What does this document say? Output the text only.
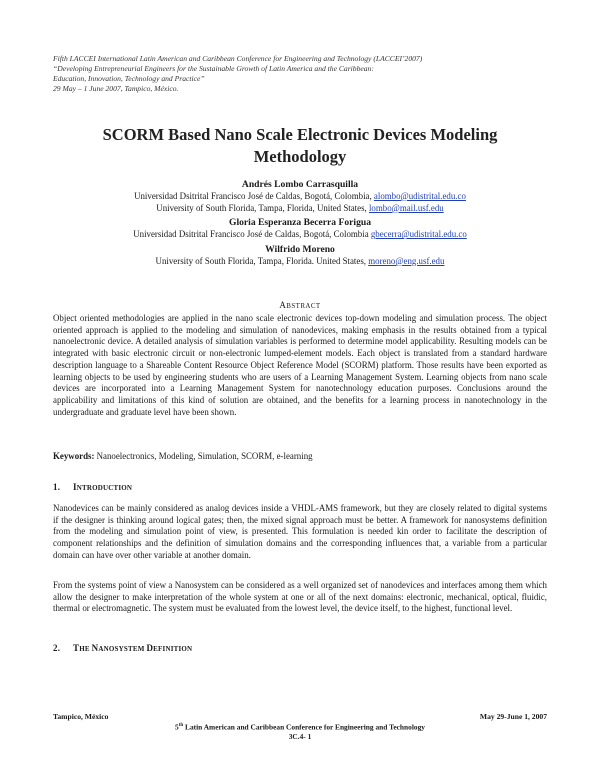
Fifth LACCEI International Latin American and Caribbean Conference for Engineering and Technology (LACCEI’2007)
“Developing Entrepreneurial Engineers for the Sustainable Growth of Latin America and the Caribbean:
Education, Innovation, Technology and Practice”
29 May – 1 June 2007, Tampico, México.
SCORM Based Nano Scale Electronic Devices Modeling
Methodology
Andrés Lombo Carrasquilla
Universidad Dsitrital Francisco José de Caldas, Bogotá, Colombia, alombo@udistrital.edu.co
University of South Florida, Tampa, Florida, United States, lombo@mail.usf.edu
Gloria Esperanza Becerra Forigua
Universidad Dsitrital Francisco José de Caldas, Bogotá, Colombia gbecerra@udistrital.edu.co
Wilfrido Moreno
University of South Florida, Tampa, Florida. United States, moreno@eng.usf.edu
ABSTRACT
Object oriented methodologies are applied in the nano scale electronic devices top-down modeling and simulation process. The object oriented approach is applied to the modeling and simulation of nanodevices, making emphasis in the results obtained from a typical nanoelectronic device. A detailed analysis of simulation variables is performed to determine model applicability. Resulting models can be integrated with basic electronic circuit or non-electronic lumped-element models. Each object is translated from a standard hardware description language to a Shareable Content Resource Object Reference Model (SCORM) platform. Those results have been exported as learning objects to be used by engineering students who are users of a Learning Management System. Learning objects from nano scale devices are incorporated into a Learning Management System for nanotechnology education purposes. Conclusions around the applicability and limitations of this kind of solution are obtained, and the benefits for a learning process in nanotechnology in the undergraduate and graduate level have been shown.
Keywords: Nanoelectronics, Modeling, Simulation, SCORM, e-learning
1. INTRODUCTION
Nanodevices can be mainly considered as analog devices inside a VHDL-AMS framework, but they are closely related to digital systems if the designer is thinking around logical gates; then, the mixed signal approach must be better. A framework for nanosystems definition from the modeling and simulation point of view, is presented. This formulation is needed kin order to facilitate the description of component relationships and the definition of simulation domains and the corresponding influences that, a variable from a particular domain can have over other variable at another domain.
From the systems point of view a Nanosystem can be considered as a well organized set of nanodevices and interfaces among them which allow the designer to make interpretation of the whole system at one or all of the next domains: electronic, mechanical, optical, fluidic, thermal or electromagnetic. The system must be evaluated from the lowest level, the device itself, to the highest, functional level.
2. THE NANOSYSTEM DEFINITION
Tampico, México	May 29-June 1, 2007
5th Latin American and Caribbean Conference for Engineering and Technology
3C.4- 1
